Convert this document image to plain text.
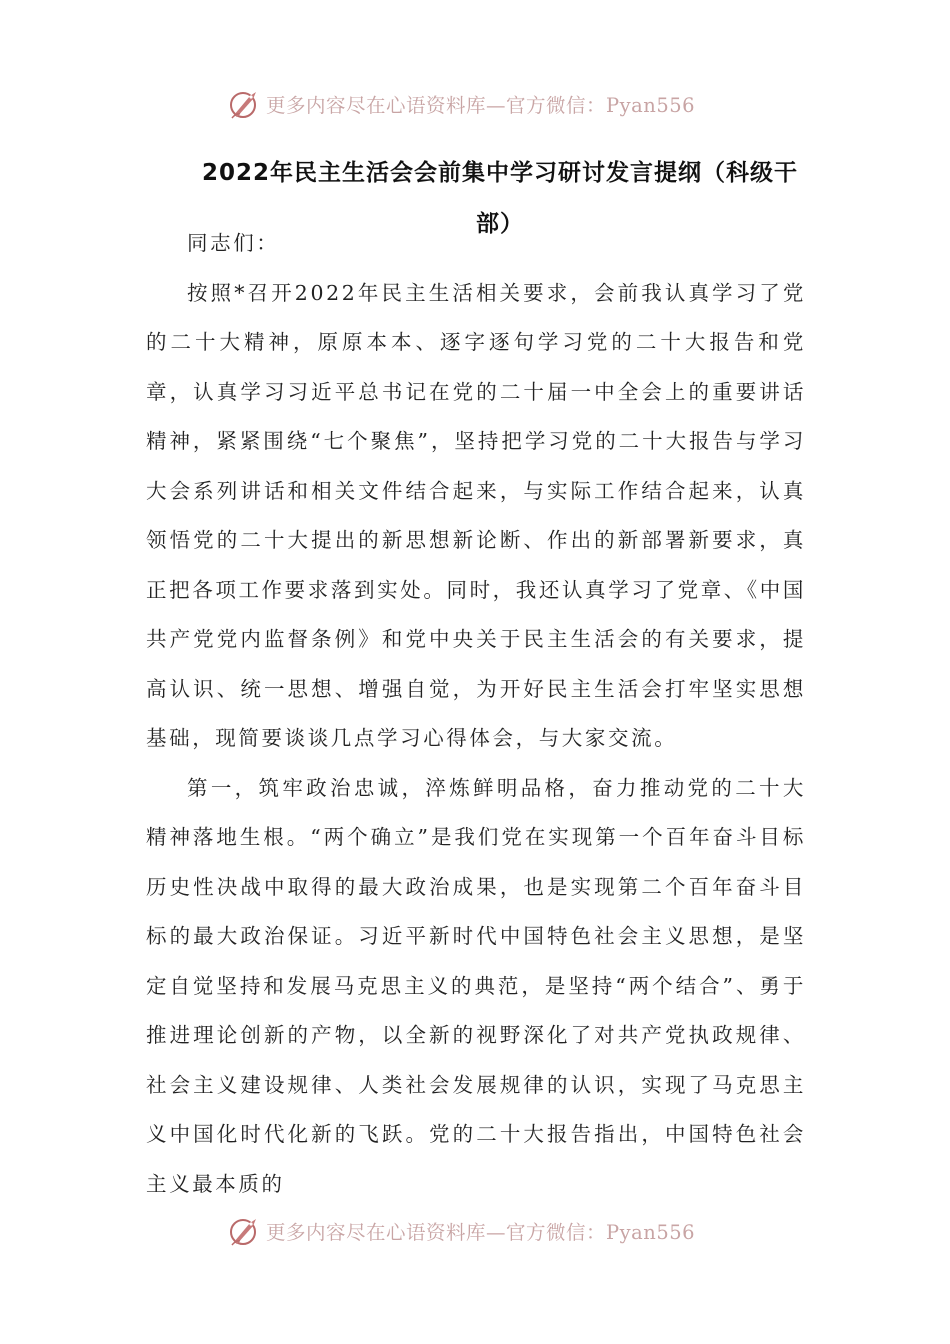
更多内容尽在心语资料库—官方微信：Pyan556
2022年民主生活会会前集中学习研讨发言提纲（科级干部）

同志们：

按照*召开2022年民主生活相关要求，会前我认真学习了党的二十大精神，原原本本、逐字逐句学习党的二十大报告和党章，认真学习习近平总书记在党的二十届一中全会上的重要讲话精神，紧紧围绕“七个聚焦”，坚持把学习党的二十大报告与学习大会系列讲话和相关文件结合起来，与实际工作结合起来，认真领悟党的二十大提出的新思想新论断、作出的新部署新要求，真正把各项工作要求落到实处。同时，我还认真学习了党章、《中国共产党党内监督条例》和党中央关于民主生活会的有关要求，提高认识、统一思想、增强自觉，为开好民主生活会打牢坚实思想基础，现简要谈谈几点学习心得体会，与大家交流。

第一，筑牢政治忠诚，淬炼鲜明品格，奋力推动党的二十大精神落地生根。“两个确立”是我们党在实现第一个百年奋斗目标历史性决战中取得的最大政治成果，也是实现第二个百年奋斗目标的最大政治保证。习近平新时代中国特色社会主义思想，是坚定自觉坚持和发展马克思主义的典范，是坚持“两个结合”、勇于推进理论创新的产物，以全新的视野深化了对共产党执政规律、社会主义建设规律、人类社会发展规律的认识，实现了马克思主义中国化时代化新的飞跃。党的二十大报告指出，中国特色社会主义最本质的

更多内容尽在心语资料库—官方微信：Pyan556
